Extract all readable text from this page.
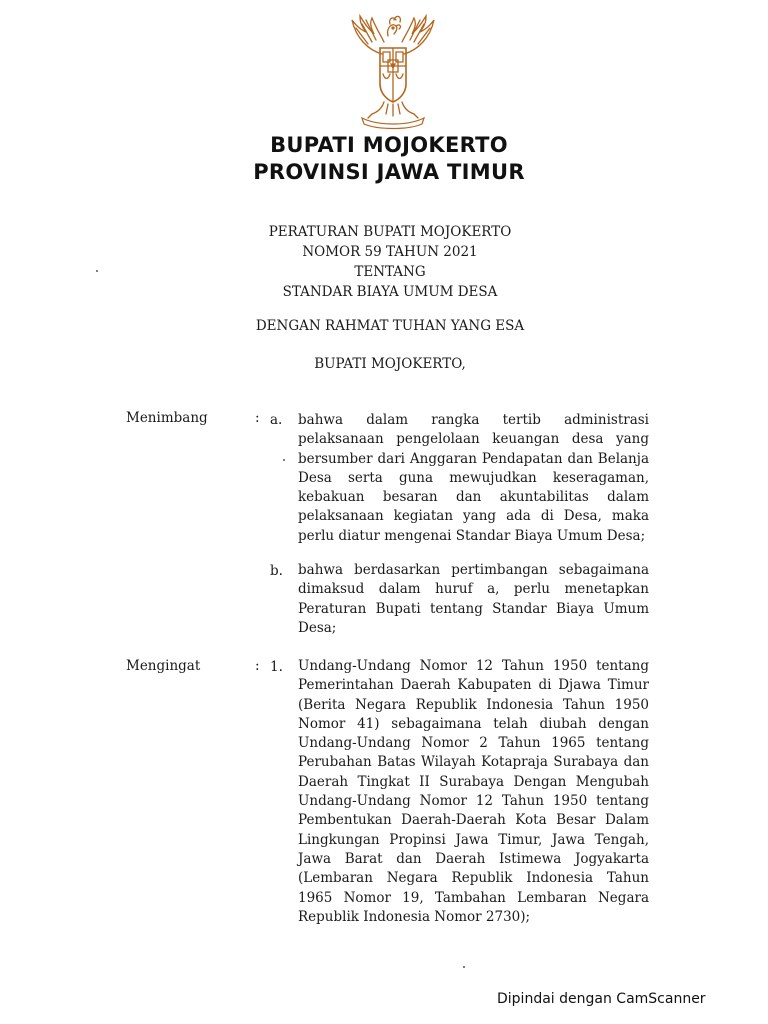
BUPATI MOJOKERTO
PROVINSI JAWA TIMUR
PERATURAN BUPATI MOJOKERTO
NOMOR 59 TAHUN 2021
TENTANG
STANDAR BIAYA UMUM DESA
DENGAN RAHMAT TUHAN YANG ESA
BUPATI MOJOKERTO,
Menimbang	: a. bahwa dalam rangka tertib administrasi pelaksanaan pengelolaan keuangan desa yang bersumber dari Anggaran Pendapatan dan Belanja Desa serta guna mewujudkan keseragaman, kebakuan besaran dan akuntabilitas dalam pelaksanaan kegiatan yang ada di Desa, maka perlu diatur mengenai Standar Biaya Umum Desa;
b. bahwa berdasarkan pertimbangan sebagaimana dimaksud dalam huruf a, perlu menetapkan Peraturan Bupati tentang Standar Biaya Umum Desa;
Mengingat	: 1. Undang-Undang Nomor 12 Tahun 1950 tentang Pemerintahan Daerah Kabupaten di Djawa Timur (Berita Negara Republik Indonesia Tahun 1950 Nomor 41) sebagaimana telah diubah dengan Undang-Undang Nomor 2 Tahun 1965 tentang Perubahan Batas Wilayah Kotapraja Surabaya dan Daerah Tingkat II Surabaya Dengan Mengubah Undang-Undang Nomor 12 Tahun 1950 tentang Pembentukan Daerah-Daerah Kota Besar Dalam Lingkungan Propinsi Jawa Timur, Jawa Tengah, Jawa Barat dan Daerah Istimewa Jogyakarta (Lembaran Negara Republik Indonesia Tahun 1965 Nomor 19, Tambahan Lembaran Negara Republik Indonesia Nomor 2730);
Dipindai dengan CamScanner
